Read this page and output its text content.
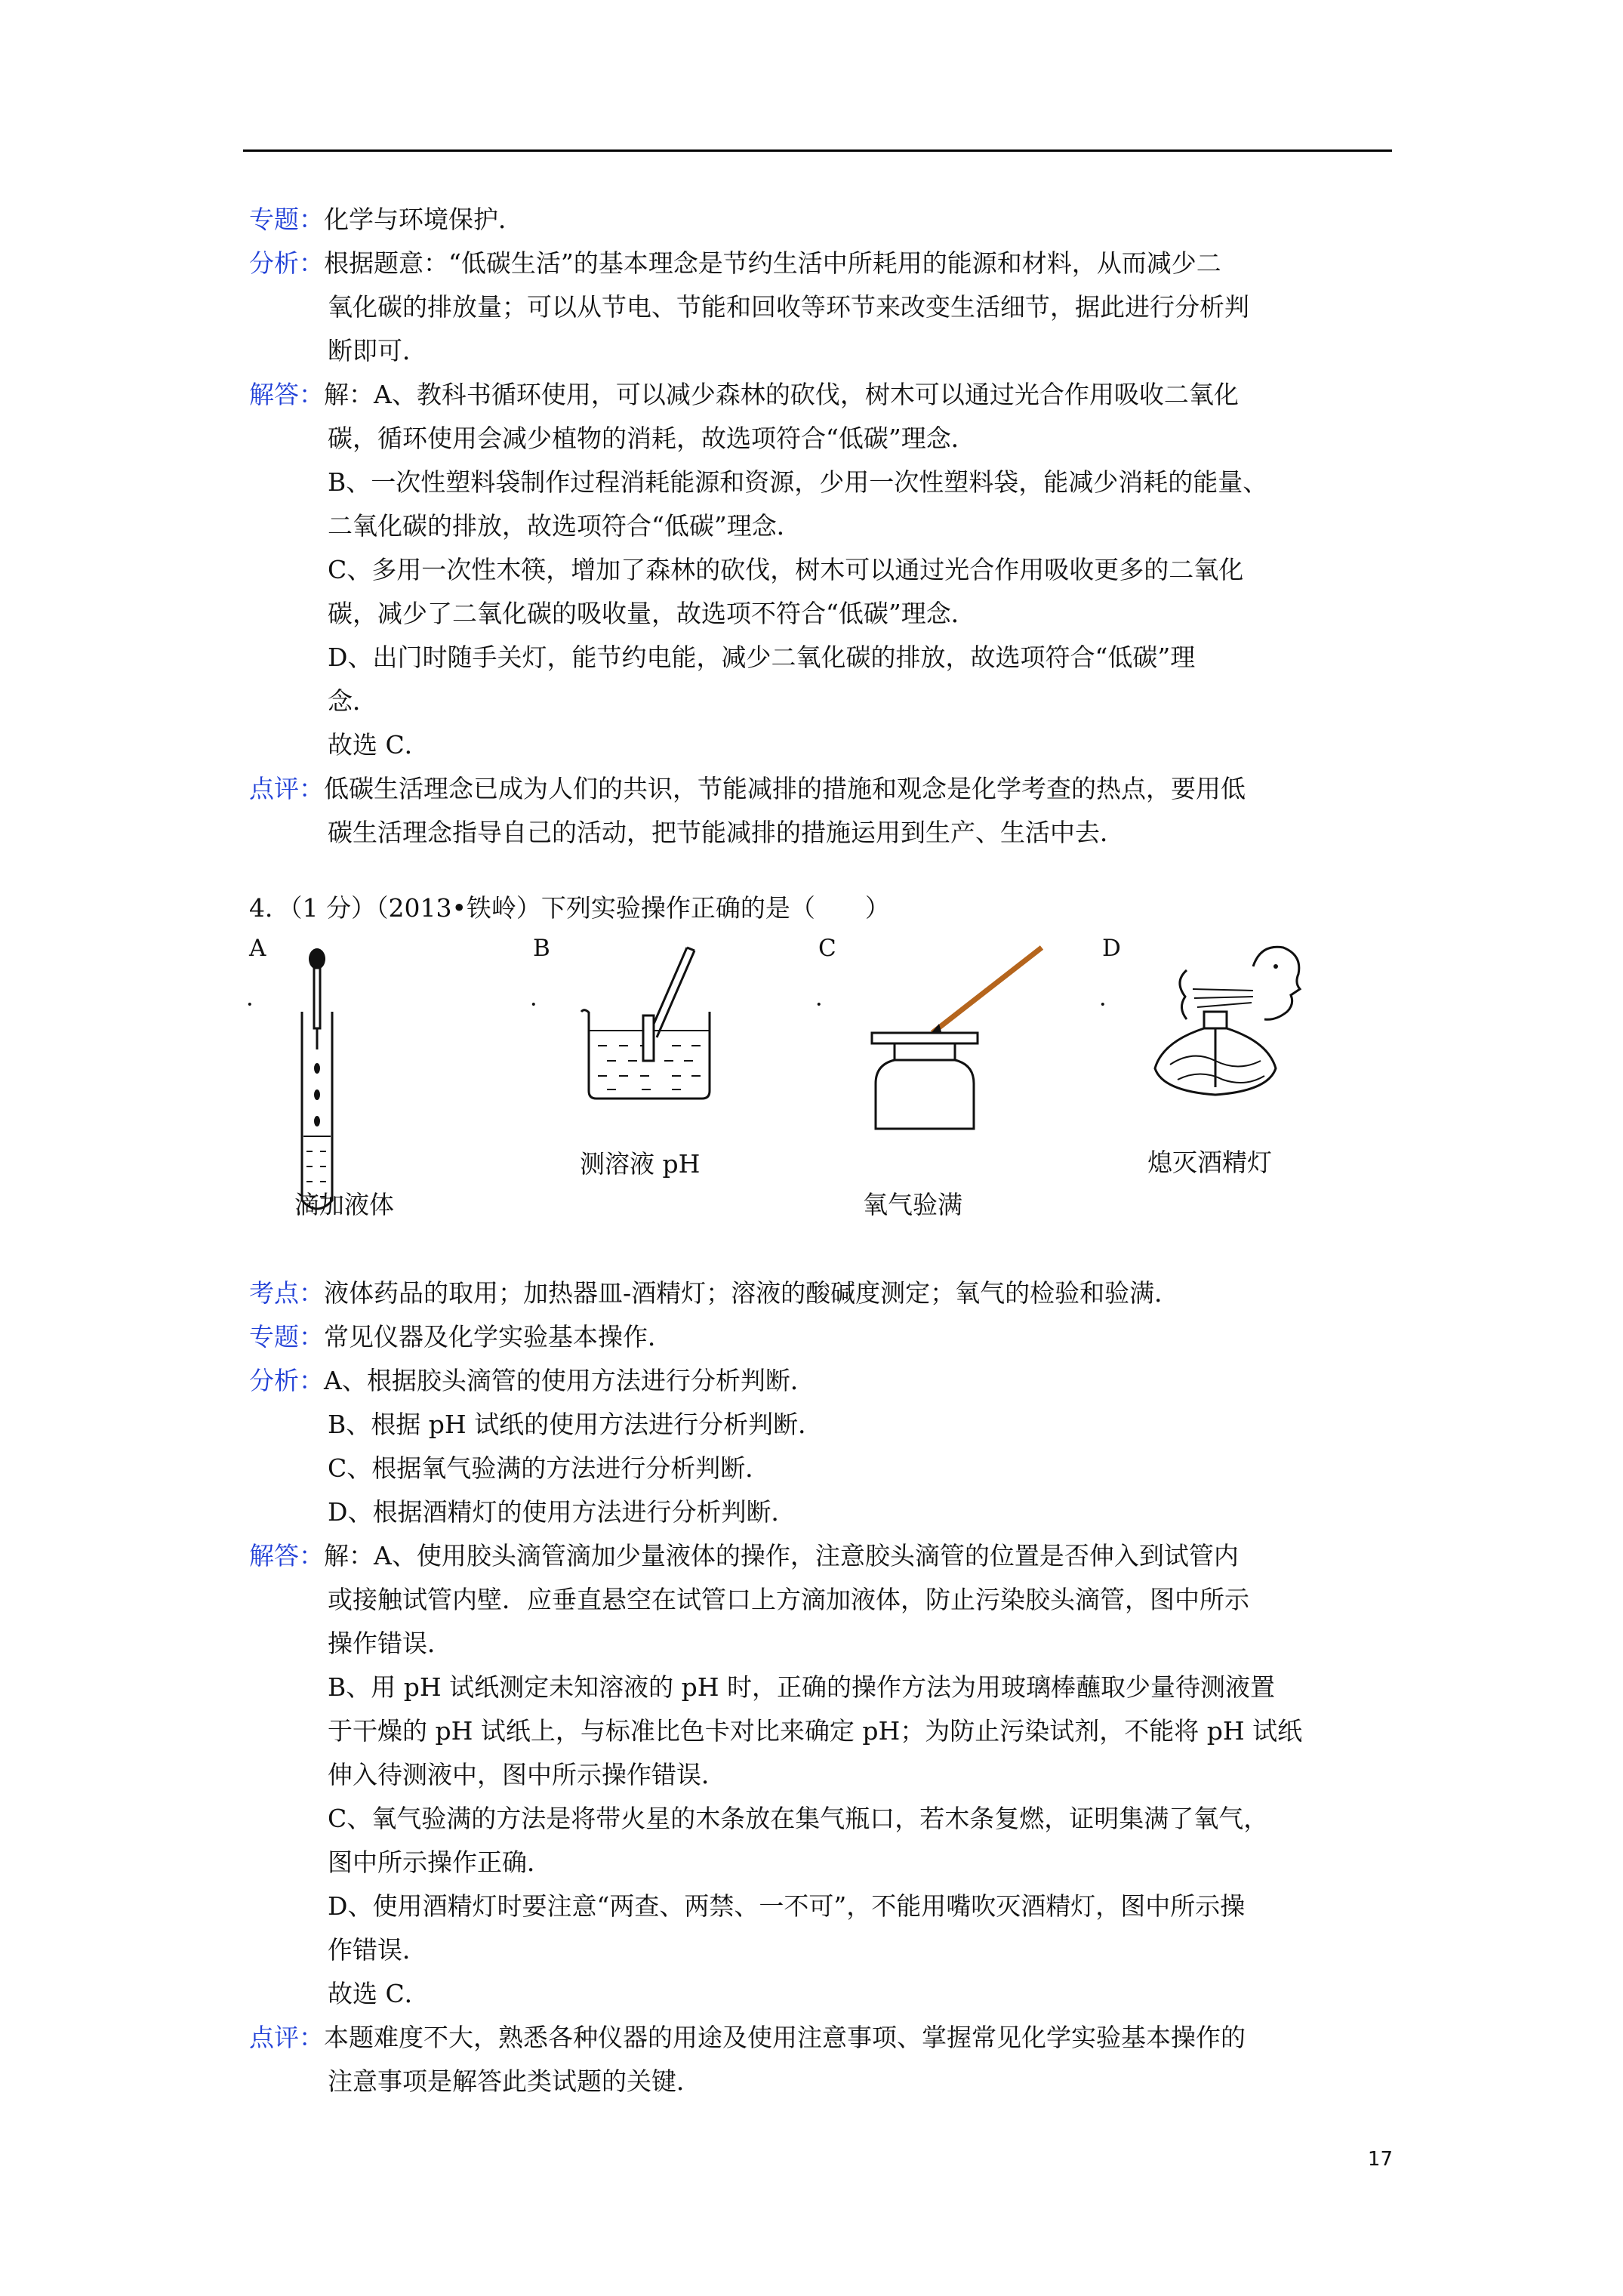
专题：化学与环境保护．
分析：根据题意：“低碳生活”的基本理念是节约生活中所耗用的能源和材料，从而减少二
氧化碳的排放量；可以从节电、节能和回收等环节来改变生活细节，据此进行分析判
断即可．
解答：解：A、教科书循环使用，可以减少森林的砍伐，树木可以通过光合作用吸收二氧化
碳，循环使用会减少植物的消耗，故选项符合“低碳”理念．
B、一次性塑料袋制作过程消耗能源和资源，少用一次性塑料袋，能减少消耗的能量、
二氧化碳的排放，故选项符合“低碳”理念．
C、多用一次性木筷，增加了森林的砍伐，树木可以通过光合作用吸收更多的二氧化
碳，减少了二氧化碳的吸收量，故选项不符合“低碳”理念．
D、出门时随手关灯，能节约电能，减少二氧化碳的排放，故选项符合“低碳”理
念．
故选 C．
点评：低碳生活理念已成为人们的共识，节能减排的措施和观念是化学考查的热点，要用低
碳生活理念指导自己的活动，把节能减排的措施运用到生产、生活中去．
4．（1 分）（2013•铁岭）下列实验操作正确的是（　　）
A
．
B
．
C
．
D
．
滴加液体
测溶液 pH
氧气验满
熄灭酒精灯
考点：液体药品的取用；加热器皿-酒精灯；溶液的酸碱度测定；氧气的检验和验满．
专题：常见仪器及化学实验基本操作．
分析：A、根据胶头滴管的使用方法进行分析判断．
B、根据 pH 试纸的使用方法进行分析判断．
C、根据氧气验满的方法进行分析判断．
D、根据酒精灯的使用方法进行分析判断．
解答：解：A、使用胶头滴管滴加少量液体的操作，注意胶头滴管的位置是否伸入到试管内
或接触试管内壁．应垂直悬空在试管口上方滴加液体，防止污染胶头滴管，图中所示
操作错误．
B、用 pH 试纸测定未知溶液的 pH 时，正确的操作方法为用玻璃棒蘸取少量待测液置
于干燥的 pH 试纸上，与标准比色卡对比来确定 pH；为防止污染试剂，不能将 pH 试纸
伸入待测液中，图中所示操作错误．
C、氧气验满的方法是将带火星的木条放在集气瓶口，若木条复燃，证明集满了氧气，
图中所示操作正确．
D、使用酒精灯时要注意“两查、两禁、一不可”，不能用嘴吹灭酒精灯，图中所示操
作错误．
故选 C．
点评：本题难度不大，熟悉各种仪器的用途及使用注意事项、掌握常见化学实验基本操作的
注意事项是解答此类试题的关键．
17
